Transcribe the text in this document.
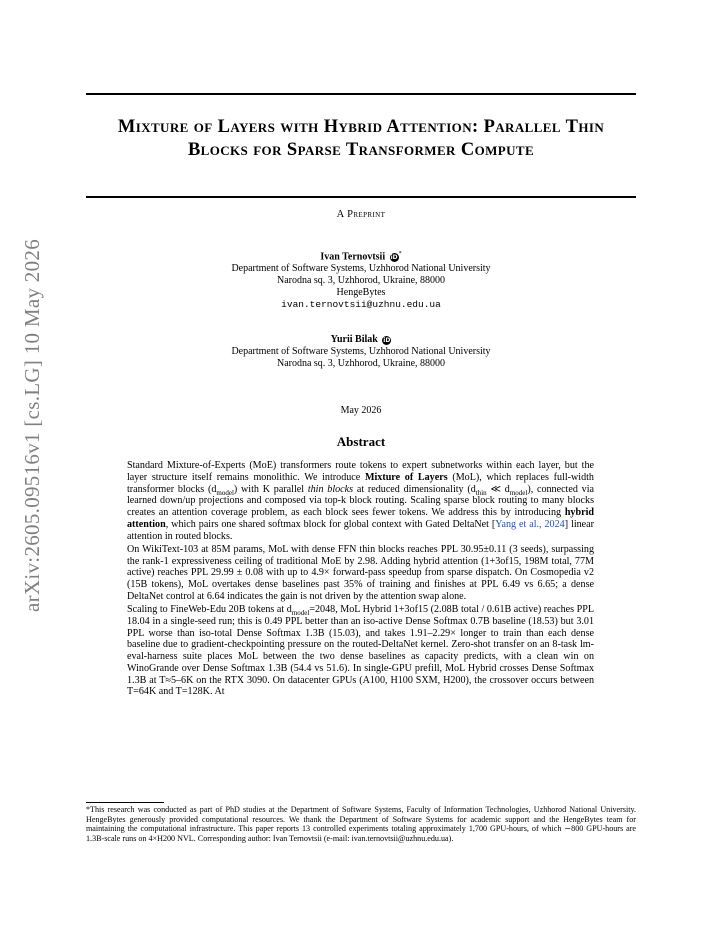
arXiv:2605.09516v1 [cs.LG] 10 May 2026
Mixture of Layers with Hybrid Attention: Parallel Thin Blocks for Sparse Transformer Compute
A Preprint
Ivan Ternovtsii iD*
Department of Software Systems, Uzhhorod National University
Narodna sq. 3, Uzhhorod, Ukraine, 88000
HengeBytes
ivan.ternovtsii@uzhnu.edu.ua
Yurii Bilak iD
Department of Software Systems, Uzhhorod National University
Narodna sq. 3, Uzhhorod, Ukraine, 88000
May 2026
Abstract

Standard Mixture-of-Experts (MoE) transformers route tokens to expert subnetworks within each layer, but the layer structure itself remains monolithic. We introduce Mixture of Layers (MoL), which replaces full-width transformer blocks $(d_{model})$ with K parallel thin blocks at reduced dimensionality ($d_{thin}$ ≪ $d_{model}$), connected via learned down/up projections and composed via top-k block routing. Scaling sparse block routing to many blocks creates an attention coverage problem, as each block sees fewer tokens. We address this by introducing hybrid attention, which pairs one shared softmax block for global context with Gated DeltaNet [Yang et al., 2024] linear attention in routed blocks.

On WikiText-103 at 85M params, MoL with dense FFN thin blocks reaches PPL 30.95±0.11 (3 seeds), surpassing the rank-1 expressiveness ceiling of traditional MoE by 2.98. Adding hybrid attention (1+3of15, 198M total, 77M active) reaches PPL 29.99 ± 0.08 with up to 4.9× forward-pass speedup from sparse dispatch. On Cosmopedia v2 (15B tokens), MoL overtakes dense baselines past 35% of training and finishes at PPL 6.49 vs 6.65; a dense DeltaNet control at 6.64 indicates the gain is not driven by the attention swap alone.

Scaling to FineWeb-Edu 20B tokens at $d_{model}=2048$, MoL Hybrid 1+3of15 (2.08B total / 0.61B active) reaches PPL 18.04 in a single-seed run; this is 0.49 PPL better than an iso-active Dense Softmax 0.7B baseline (18.53) but 3.01 PPL worse than iso-total Dense Softmax 1.3B (15.03), and takes 1.91–2.29× longer to train than each dense baseline due to gradient-checkpointing pressure on the routed-DeltaNet kernel. Zero-shot transfer on an 8-task lm-eval-harness suite places MoL between the two dense baselines as capacity predicts, with a clean win on WinoGrande over Dense Softmax 1.3B (54.4 vs 51.6). In single-GPU prefill, MoL Hybrid crosses Dense Softmax 1.3B at T≈5–6K on the RTX 3090. On datacenter GPUs (A100, H100 SXM, H200), the crossover occurs between T=64K and T=128K. At

*This research was conducted as part of PhD studies at the Department of Software Systems, Faculty of Information Technologies, Uzhhorod National University. HengeBytes generously provided computational resources. We thank the Department of Software Systems for academic support and the HengeBytes team for maintaining the computational infrastructure. This paper reports 13 controlled experiments totaling approximately 1,700 GPU-hours, of which ∼800 GPU-hours are 1.3B-scale runs on 4×H200 NVL. Corresponding author: Ivan Ternovtsii (e-mail: ivan.ternovtsii@uzhnu.edu.ua).
